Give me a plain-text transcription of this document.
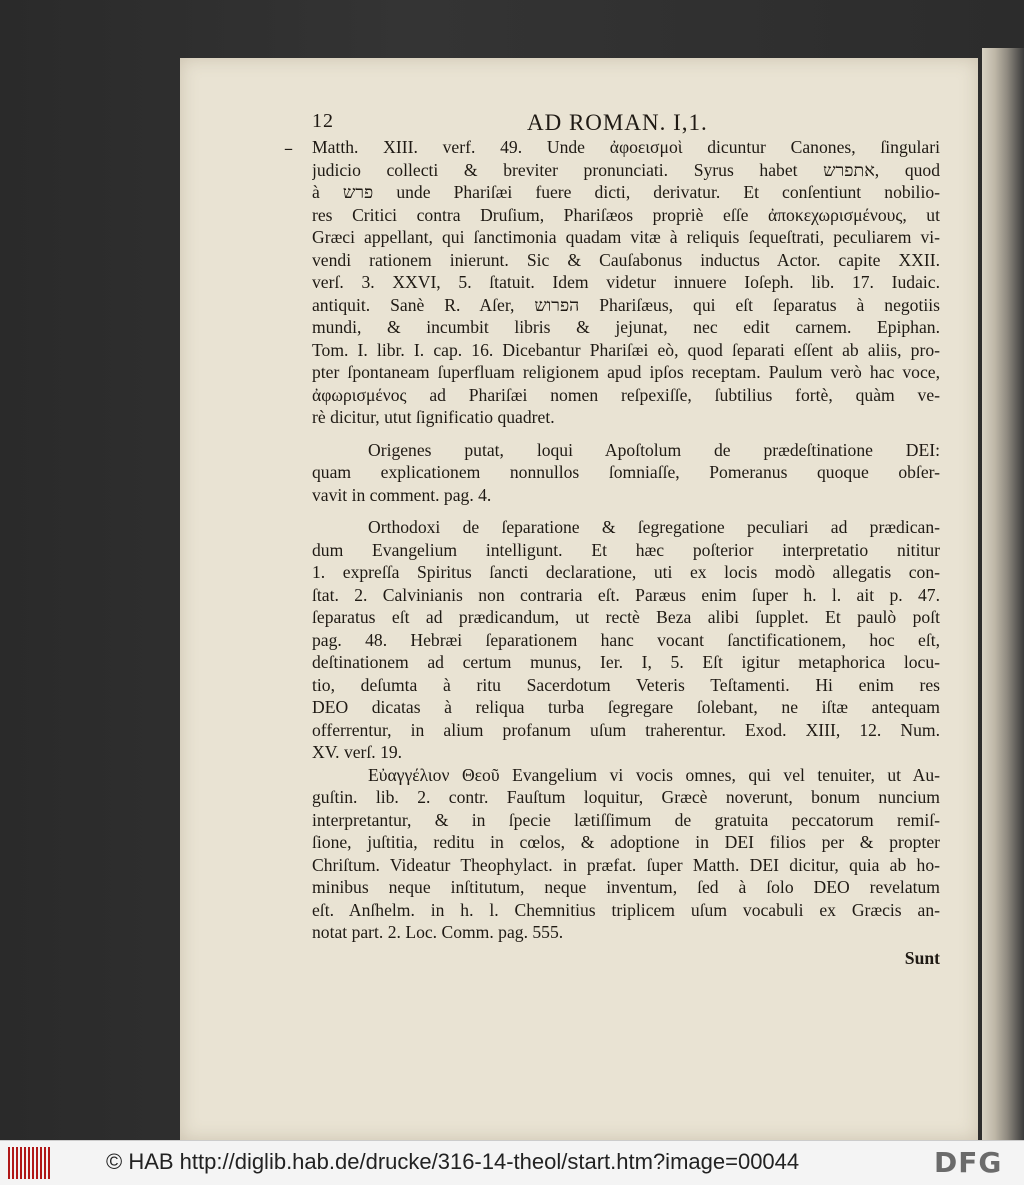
12	AD ROMAN. I,1.
– Matth. XIII. verf. 49. Unde ἀφοεισμοὶ dicuntur Canones, ſingulari
judicio collecti & breviter pronunciati. Syrus habet אתפרש, quod
à פרש unde Phariſæi fuere dicti, derivatur. Et conſentiunt nobilio-
res Critici contra Druſium, Phariſæos propriè eſſe ἀποκεχωρισμένους, ut
Græci appellant, qui ſanctimonia quadam vitæ à reliquis ſequeſtrati, peculiarem vi-
vendi rationem inierunt. Sic & Cauſabonus inductus Actor. capite XXII.
verſ. 3. XXVI, 5. ſtatuit. Idem videtur innuere Ioſeph. lib. 17. Iudaic.
antiquit. Sanè R. Aſer, הפרוש Phariſæus, qui eſt ſeparatus à negotiis
mundi, & incumbit libris & jejunat, nec edit carnem. Epiphan.
Tom. I. libr. I. cap. 16. Dicebantur Phariſæi eò, quod ſeparati eſſent ab aliis, pro-
pter ſpontaneam ſuperfluam religionem apud ipſos receptam. Paulum verò hac voce,
ἀφωρισμένος ad Phariſæi nomen reſpexiſſe, ſubtilius fortè, quàm ve-
rè dicitur, utut ſignificatio quadret.
Origenes putat, loqui Apoſtolum de prædeſtinatione DEI:
quam explicationem nonnullos ſomniaſſe, Pomeranus quoque obſer-
vavit in comment. pag. 4.
Orthodoxi de ſeparatione & ſegregatione peculiari ad prædican-
dum Evangelium intelligunt. Et hæc poſterior interpretatio nititur
1. expreſſa Spiritus ſancti declaratione, uti ex locis modò allegatis con-
ſtat. 2. Calvinianis non contraria eſt. Paræus enim ſuper h. l. ait p. 47.
ſeparatus eſt ad prædicandum, ut rectè Beza alibi ſupplet. Et paulò poſt
pag. 48. Hebræi ſeparationem hanc vocant ſanctificationem, hoc eſt,
deſtinationem ad certum munus, Ier. I, 5. Eſt igitur metaphorica locu-
tio, deſumta à ritu Sacerdotum Veteris Teſtamenti. Hi enim res
DEO dicatas à reliqua turba ſegregare ſolebant, ne iſtæ antequam
offerrentur, in alium profanum uſum traherentur. Exod. XIII, 12. Num.
XV. verſ. 19.
Εὐαγγέλιον Θεοῦ Evangelium vi vocis omnes, qui vel tenuiter, ut Au-
guſtin. lib. 2. contr. Fauſtum loquitur, Græcè noverunt, bonum nuncium
interpretantur, & in ſpecie lætiſſimum de gratuita peccatorum remiſ-
ſione, juſtitia, reditu in cœlos, & adoptione in DEI filios per & propter
Chriſtum. Videatur Theophylact. in præfat. ſuper Matth. DEI dicitur, quia ab ho-
minibus neque inſtitutum, neque inventum, ſed à ſolo DEO revelatum
eſt. Anſhelm. in h. l. Chemnitius triplicem uſum vocabuli ex Græcis an-
notat part. 2. Loc. Comm. pag. 555.
Sunt
© HAB http://diglib.hab.de/drucke/316-14-theol/start.htm?image=00044	DFG
